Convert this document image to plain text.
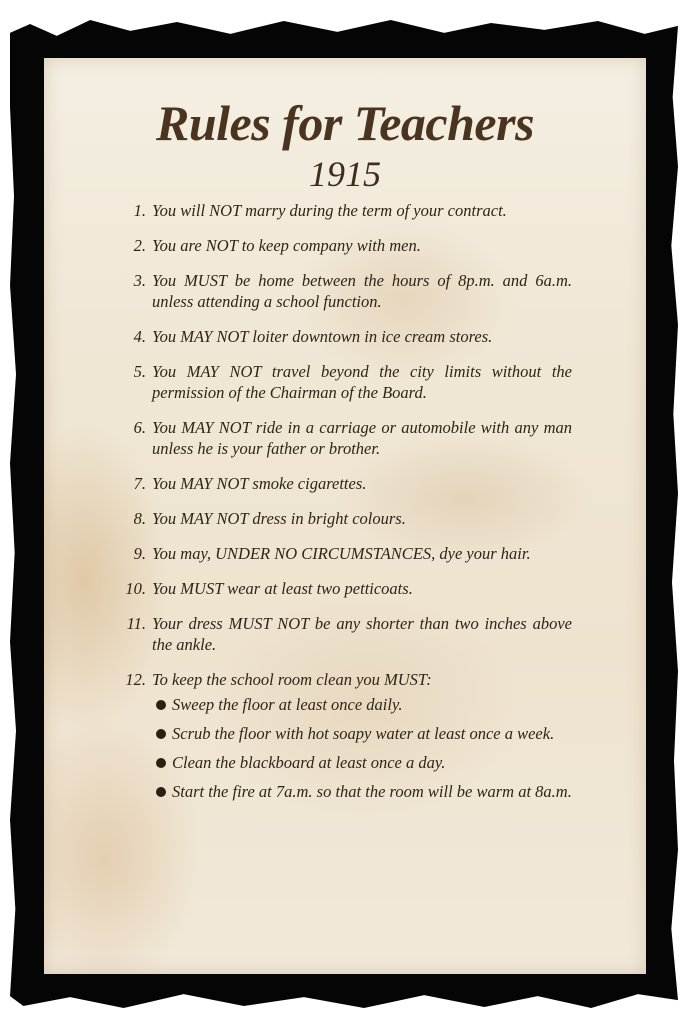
Rules for Teachers
1915
1. You will NOT marry during the term of your contract.
2. You are NOT to keep company with men.
3. You MUST be home between the hours of 8p.m. and 6a.m. unless attending a school function.
4. You MAY NOT loiter downtown in ice cream stores.
5. You MAY NOT travel beyond the city limits without the permission of the Chairman of the Board.
6. You MAY NOT ride in a carriage or automobile with any man unless he is your father or brother.
7. You MAY NOT smoke cigarettes.
8. You MAY NOT dress in bright colours.
9. You may, UNDER NO CIRCUMSTANCES, dye your hair.
10. You MUST wear at least two petticoats.
11. Your dress MUST NOT be any shorter than two inches above the ankle.
12. To keep the school room clean you MUST:
Sweep the floor at least once daily.
Scrub the floor with hot soapy water at least once a week.
Clean the blackboard at least once a day.
Start the fire at 7a.m. so that the room will be warm at 8a.m.
